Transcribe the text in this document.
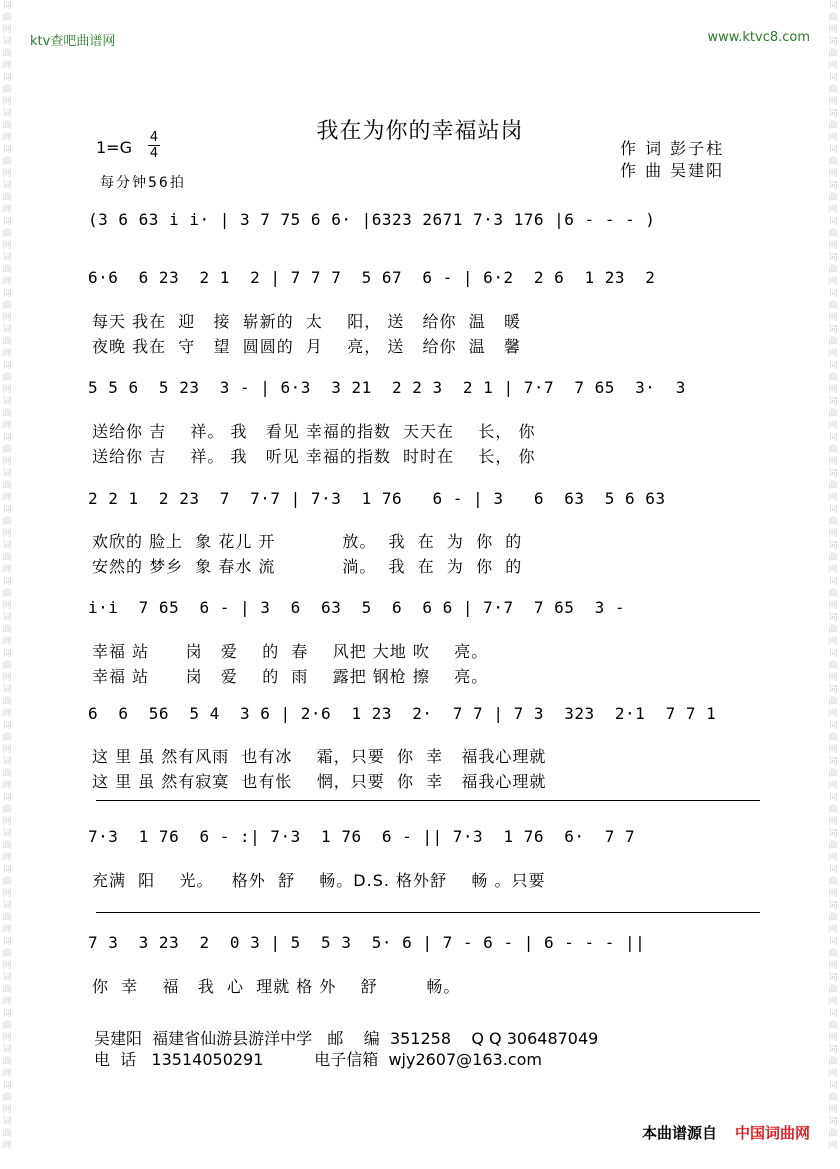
词
曲
网
词
曲
网
词
曲
网
词
曲
网
词
曲
网
词
曲
网
词
曲
网
词
曲
网
词
曲
网
词
曲
网
词
曲
网
词
曲
网
词
曲
网
词
曲
网
词
曲
网
词
曲
网
词
曲
网
词
曲
网
词
曲
网
词
曲
网
词
曲
网
词
曲
网
词
曲
网
词
曲
网
词
曲
网
词
曲
网
词
曲
网
词
曲
网
词
曲
网
词
曲
网
词
曲
网
词
曲
网
词
曲
网
词
曲
网
词
曲
网
词
曲
网
词
曲
网
词
曲
网
词
曲
网
词
曲
网
词
曲
网
词
曲
网
词
曲
网
词
曲
网
词
曲
网
词
曲
网
词
曲
网
词
曲
网
词
曲
网
词
曲
网
词
曲
网
词
曲
网
词
曲
网
词
曲
网
词
曲
网
词
曲
网
词
曲
网
词
曲
网
词
曲
网
词
曲
网
词
曲
网
词
曲
网
词
曲
网
词
曲
网
ktv查吧曲谱网	www.ktvc8.com
我在为你的幸福站岗
1=G
4
4
每分钟56拍
作 词 彭子柱
作 曲 吴建阳
(3 6 63 i i· | 3 7 75 6 6· |6323 2671 7·3 176 |6 - - - )
6·6  6 23  2 1  2 | 7 7 7  5 67  6 - | 6·2  2 6  1 23  2
每天 我在  迎   接  崭新的  太    阳， 送   给你  温   暖
夜晚 我在  守   望  圆圆的  月    亮， 送   给你  温   馨
5 5 6  5 23  3 - | 6·3  3 21  2 2 3  2 1 | 7·7  7 65  3·  3
送给你 吉    祥。 我   看见 幸福的指数  天天在    长， 你
送给你 吉    祥。 我   听见 幸福的指数  时时在    长， 你
2 2 1  2 23  7  7·7 | 7·3  1 76   6 - | 3   6  63  5 6 63
欢欣的 脸上  象 花儿 开           放。  我  在  为  你  的
安然的 梦乡  象 春水 流           淌。  我  在  为  你  的
i·i  7 65  6 - | 3  6  63  5  6  6 6 | 7·7  7 65  3 -
幸福 站      岗   爱    的  春    风把 大地 吹    亮。
幸福 站      岗   爱    的  雨    露把 钢枪 擦    亮。
6  6  56  5 4  3 6 | 2·6  1 23  2·  7 7 | 7 3  323  2·1  7 7 1
这 里 虽 然有风雨  也有冰    霜，只要  你  幸   福我心理就
这 里 虽 然有寂寞  也有怅    惘，只要  你  幸   福我心理就
7·3  1 76  6 - :| 7·3  1 76  6 - || 7·3  1 76  6·  7 7
充满  阳    光。   格外  舒    畅。D.S. 格外舒    畅 。只要
7 3  3 23  2  0 3 | 5  5 3  5· 6 | 7 - 6 - | 6 - - - ||
你  幸    福   我  心  理就 格 外    舒        畅。
吴建阳  福建省仙游县游洋中学   邮    编  351258    Q Q 306487049
电  话   13514050291          电子信箱  wjy2607@163.com
本曲谱源自 中国词曲网
